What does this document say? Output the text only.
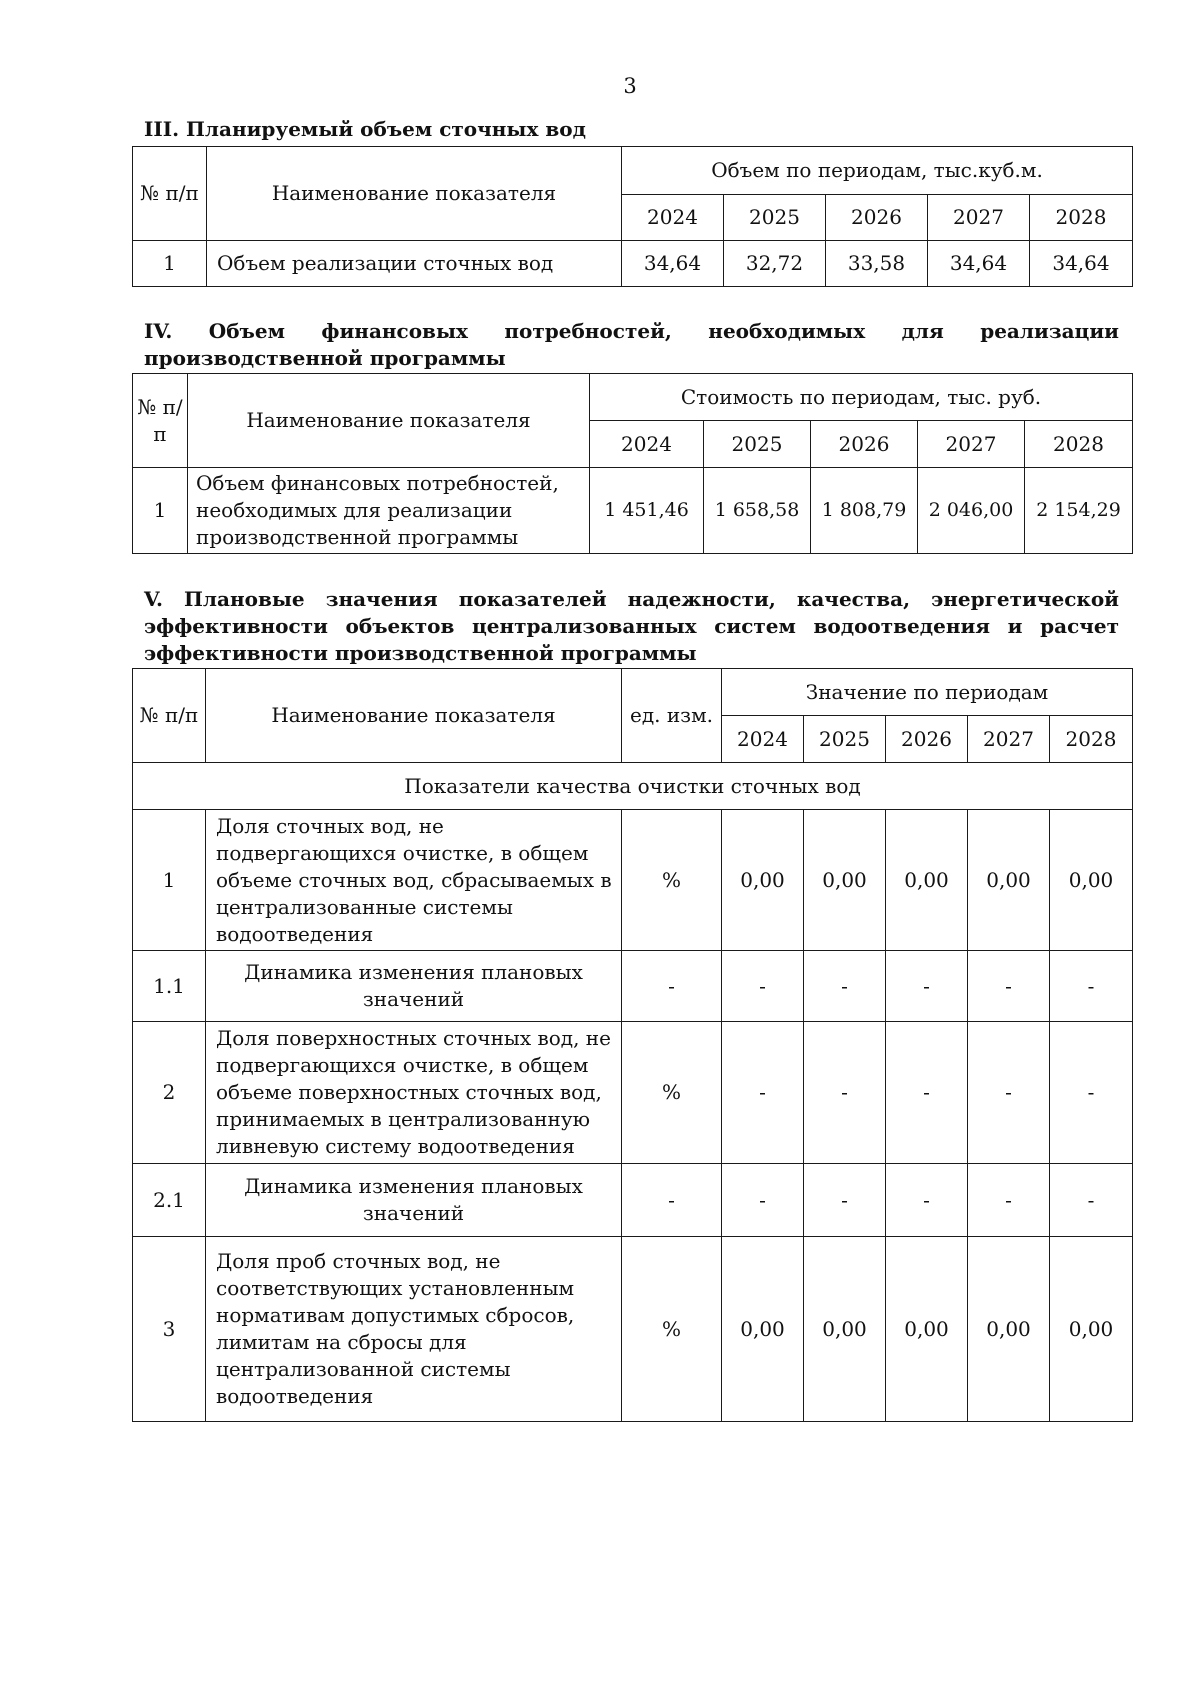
3
III. Планируемый объем сточных вод
№ п/п	Наименование показателя	Объем по периодам, тыс.куб.м.				
		2024	2025	2026	2027	2028
1	Объем реализации сточных вод	34,64	32,72	33,58	34,64	34,64
IV. Объем финансовых потребностей, необходимых для реализации производственной программы
№ п/п	Наименование показателя	Стоимость по периодам, тыс. руб.				
		2024	2025	2026	2027	2028
1	Объем финансовых потребностей, необходимых для реализации производственной программы	1 451,46	1 658,58	1 808,79	2 046,00	2 154,29
V. Плановые значения показателей надежности, качества, энергетической эффективности объектов централизованных систем водоотведения и расчет эффективности производственной программы
№ п/п	Наименование показателя	ед. изм.	Значение по периодам				
			2024	2025	2026	2027	2028
Показатели качества очистки сточных вод							
1	Доля сточных вод, не подвергающихся очистке, в общем объеме сточных вод, сбрасываемых в централизованные системы водоотведения	%	0,00	0,00	0,00	0,00	0,00
1.1	Динамика изменения плановых значений	-	-	-	-	-	-
2	Доля поверхностных сточных вод, не подвергающихся очистке, в общем объеме поверхностных сточных вод, принимаемых в централизованную ливневую систему водоотведения	%	-	-	-	-	-
2.1	Динамика изменения плановых значений	-	-	-	-	-	-
3	Доля проб сточных вод, не соответствующих установленным нормативам допустимых сбросов, лимитам на сбросы для централизованной системы водоотведения	%	0,00	0,00	0,00	0,00	0,00
